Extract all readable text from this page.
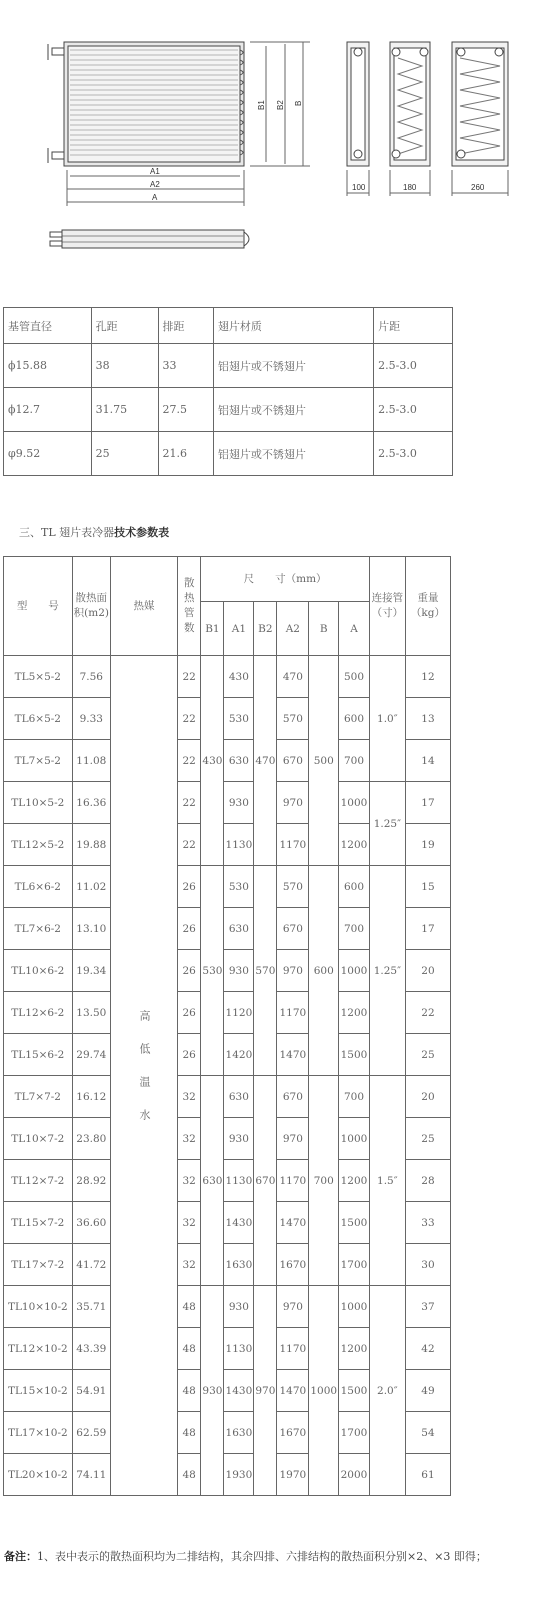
A1
A2
A
B1 B2 B
100	180	260
基管直径	孔距	排距	翅片材质	片距
ϕ15.88	38	33	铝翅片或不锈翅片	2.5-3.0
ϕ12.7	31.75	27.5	铝翅片或不锈翅片	2.5-3.0
φ9.52	25	21.6	铝翅片或不锈翅片	2.5-3.0
三、TL 翅片表冷器技术参数表
型　　号	散热面积(m2)	热媒	散热管数	尺　　寸（mm）						连接管（寸）	重量（kg）
				B1	A1	B2	A2	B	A		
TL5×5-2	7.56	高低温水	22	430	430	470	470	500	500	1.0″	12
TL6×5-2	9.33		22		530		570		600		13
TL7×5-2	11.08		22		630		670		700		14
TL10×5-2	16.36		22		930		970		1000	1.25″	17
TL12×5-2	19.88		22		1130		1170		1200		19
TL6×6-2	11.02		26	530	530	570	570	600	600	1.25″	15
TL7×6-2	13.10		26		630		670		700		17
TL10×6-2	19.34		26		930		970		1000		20
TL12×6-2	13.50		26		1120		1170		1200		22
TL15×6-2	29.74		26		1420		1470		1500		25
TL7×7-2	16.12		32	630	630	670	670	700	700	1.5″	20
TL10×7-2	23.80		32		930		970		1000		25
TL12×7-2	28.92		32		1130		1170		1200		28
TL15×7-2	36.60		32		1430		1470		1500		33
TL17×7-2	41.72		32		1630		1670		1700		30
TL10×10-2	35.71		48	930	930	970	970	1000	1000	2.0″	37
TL12×10-2	43.39		48		1130		1170		1200		42
TL15×10-2	54.91		48		1430		1470		1500		49
TL17×10-2	62.59		48		1630		1670		1700		54
TL20×10-2	74.11		48		1930		1970		2000		61
备注：1、表中表示的散热面积均为二排结构，其余四排、六排结构的散热面积分别×2、×3 即得；
